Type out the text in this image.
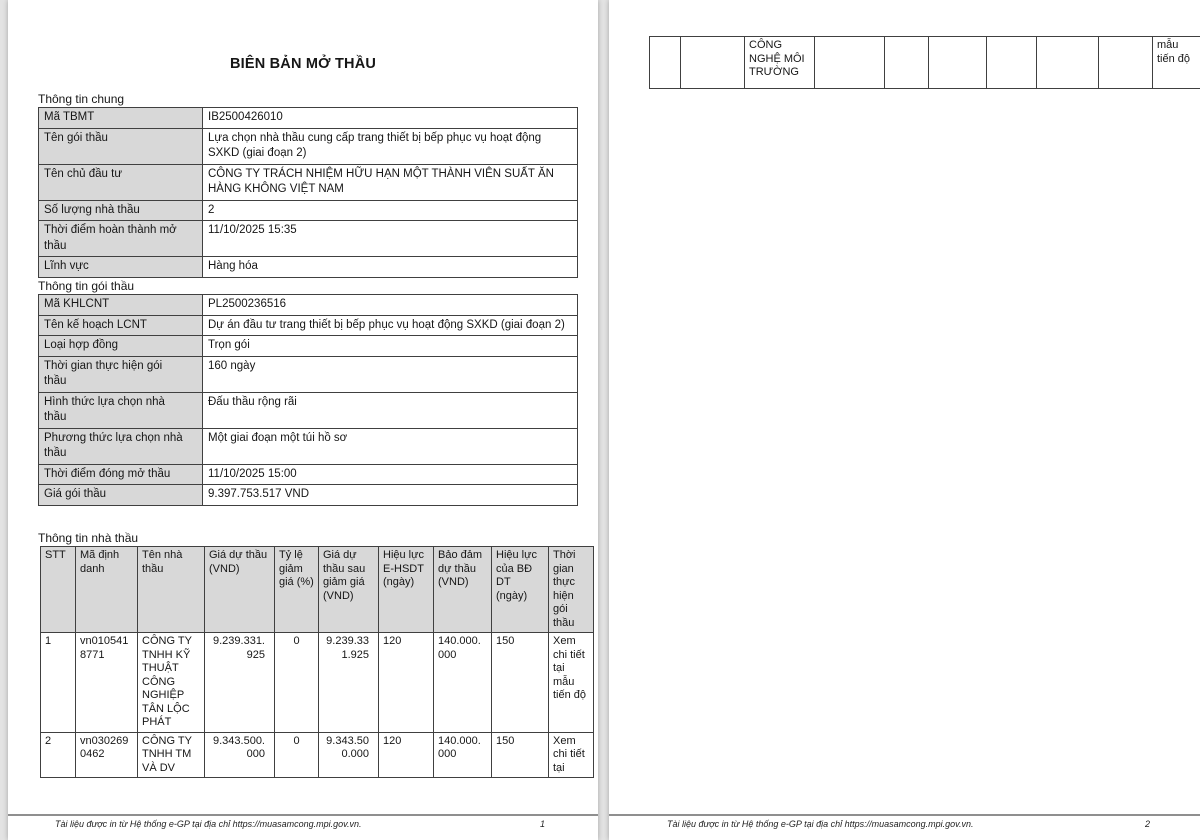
BIÊN BẢN MỞ THẦU
Thông tin chung
Mã TBMT	IB2500426010
Tên gói thầu	Lựa chọn nhà thầu cung cấp trang thiết bị bếp phục vụ hoạt động SXKD (giai đoạn 2)
Tên chủ đầu tư	CÔNG TY TRÁCH NHIỆM HỮU HẠN MỘT THÀNH VIÊN SUẤT ĂN HÀNG KHÔNG VIỆT NAM
Số lượng nhà thầu	2
Thời điểm hoàn thành mở thầu	11/10/2025 15:35
Lĩnh vực	Hàng hóa
Thông tin gói thầu
Mã KHLCNT	PL2500236516
Tên kế hoạch LCNT	Dự án đầu tư trang thiết bị bếp phục vụ hoạt động SXKD (giai đoạn 2)
Loại hợp đồng	Trọn gói
Thời gian thực hiện gói thầu	160 ngày
Hình thức lựa chọn nhà thầu	Đấu thầu rộng rãi
Phương thức lựa chọn nhà thầu	Một giai đoạn một túi hồ sơ
Thời điểm đóng mở thầu	11/10/2025 15:00
Giá gói thầu	9.397.753.517 VND
Thông tin nhà thầu
STT	Mã định danh	Tên nhà thầu	Giá dự thầu (VND)	Tỷ lệ giảm giá (%)	Giá dự thầu sau giảm giá (VND)	Hiệu lực E-HSDT (ngày)	Bảo đảm dự thầu (VND)	Hiệu lực của BĐ DT (ngày)	Thời gian thực hiện gói thầu
1	vn0105418771	CÔNG TY TNHH KỸ THUẬT CÔNG NGHIỆP TÂN LỘC PHÁT	9.239.331.925	0	9.239.331.925	120	140.000.000	150	Xem chi tiết tại mẫu tiến độ
2	vn0302690462	CÔNG TY TNHH TM VÀ DV	9.343.500.000	0	9.343.500.000	120	140.000.000	150	Xem chi tiết tại
Tài liệu được in từ Hệ thống e-GP tại địa chỉ https://muasamcong.mpi.gov.vn.	1
		CÔNG NGHỆ MÔI TRƯỜNG							mẫu tiến độ
Tài liệu được in từ Hệ thống e-GP tại địa chỉ https://muasamcong.mpi.gov.vn.	2
